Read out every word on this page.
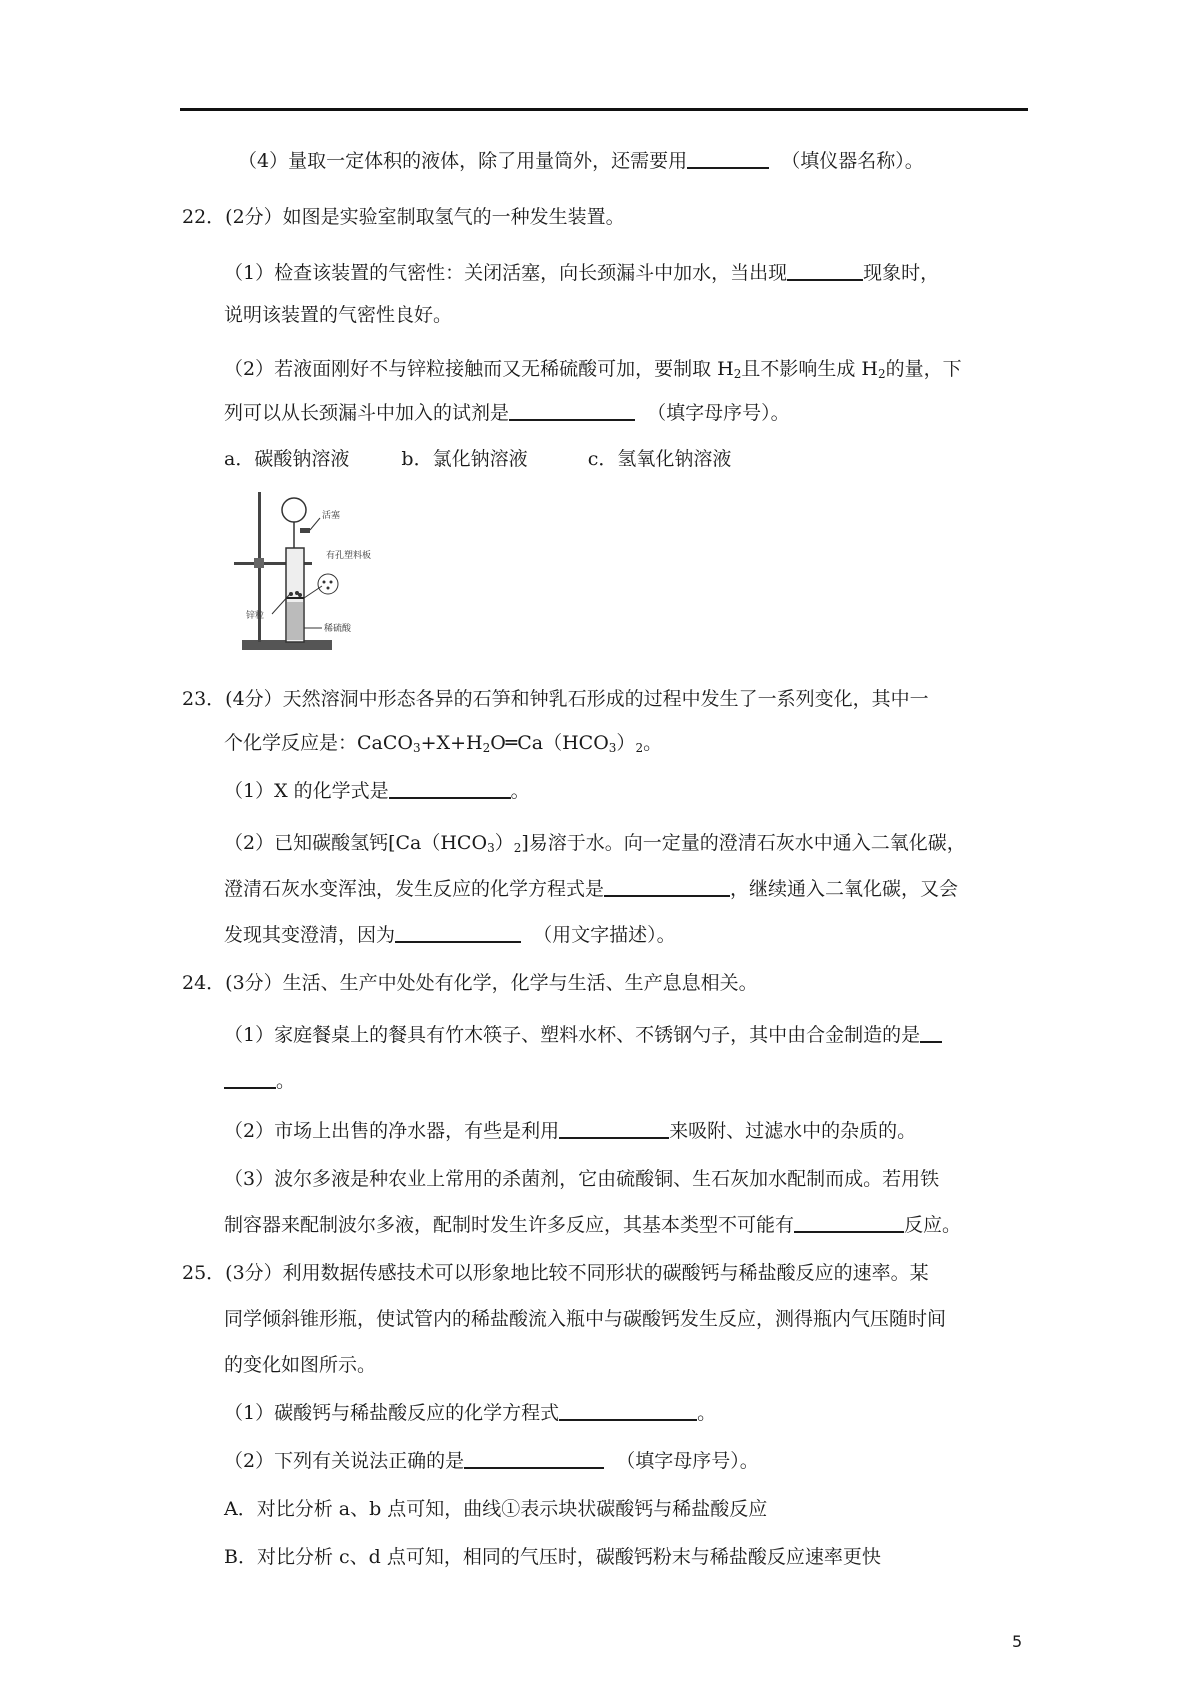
（4）量取一定体积的液体，除了用量筒外，还需要用	（填仪器名称）。
22．(2分）如图是实验室制取氢气的一种发生装置。
（1）检查该装置的气密性：关闭活塞，向长颈漏斗中加水，当出现	现象时，
说明该装置的气密性良好。
（2）若液面刚好不与锌粒接触而又无稀硫酸可加，要制取 $H_2$且不影响生成 $H_2$的量，下
列可以从长颈漏斗中加入的试剂是	（填字母序号）。
a．碳酸钠溶液	b．氯化钠溶液	c．氢氧化钠溶液
活塞
有孔塑料板
锌粒
稀硫酸
23．(4分）天然溶洞中形态各异的石笋和钟乳石形成的过程中发生了一系列变化，其中一
个化学反应是：$CaCO_3+X+H_2O═Ca(HCO_3)_2$。
（1）X 的化学式是	。
（2）已知碳酸氢钙$[Ca(HCO_3)_2]$易溶于水。向一定量的澄清石灰水中通入二氧化碳，
澄清石灰水变浑浊，发生反应的化学方程式是	，继续通入二氧化碳，又会
发现其变澄清，因为	（用文字描述）。
24．(3分）生活、生产中处处有化学，化学与生活、生产息息相关。
（1）家庭餐桌上的餐具有竹木筷子、塑料水杯、不锈钢勺子，其中由合金制造的是
。
（2）市场上出售的净水器，有些是利用	来吸附、过滤水中的杂质的。
（3）波尔多液是种农业上常用的杀菌剂，它由硫酸铜、生石灰加水配制而成。若用铁
制容器来配制波尔多液，配制时发生许多反应，其基本类型不可能有	反应。
25．(3分）利用数据传感技术可以形象地比较不同形状的碳酸钙与稀盐酸反应的速率。某
同学倾斜锥形瓶，使试管内的稀盐酸流入瓶中与碳酸钙发生反应，测得瓶内气压随时间
的变化如图所示。
（1）碳酸钙与稀盐酸反应的化学方程式	。
（2）下列有关说法正确的是	（填字母序号）。
A．对比分析 a、b 点可知，曲线①表示块状碳酸钙与稀盐酸反应
B．对比分析 c、d 点可知，相同的气压时，碳酸钙粉末与稀盐酸反应速率更快
5
